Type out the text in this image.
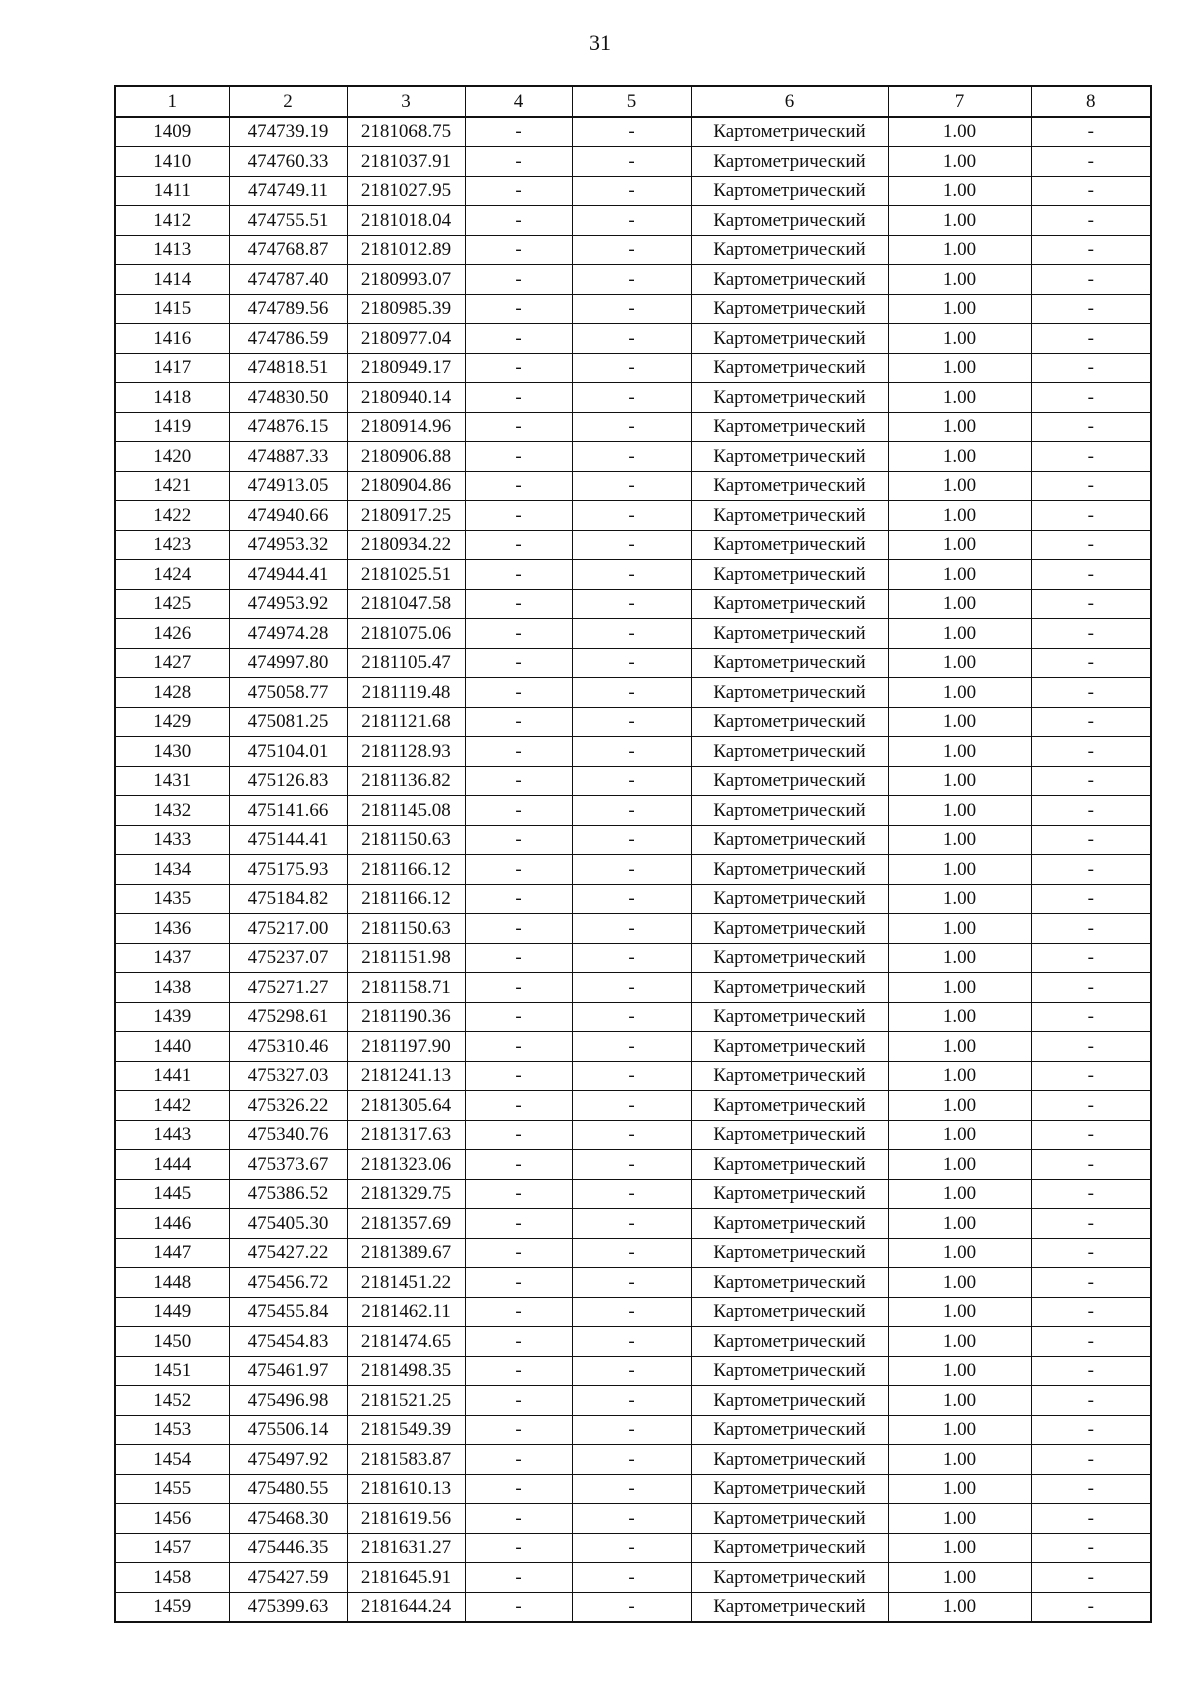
31
1	2	3	4	5	6	7	8
1409	474739.19	2181068.75	-	-	Картометрический	1.00	-
1410	474760.33	2181037.91	-	-	Картометрический	1.00	-
1411	474749.11	2181027.95	-	-	Картометрический	1.00	-
1412	474755.51	2181018.04	-	-	Картометрический	1.00	-
1413	474768.87	2181012.89	-	-	Картометрический	1.00	-
1414	474787.40	2180993.07	-	-	Картометрический	1.00	-
1415	474789.56	2180985.39	-	-	Картометрический	1.00	-
1416	474786.59	2180977.04	-	-	Картометрический	1.00	-
1417	474818.51	2180949.17	-	-	Картометрический	1.00	-
1418	474830.50	2180940.14	-	-	Картометрический	1.00	-
1419	474876.15	2180914.96	-	-	Картометрический	1.00	-
1420	474887.33	2180906.88	-	-	Картометрический	1.00	-
1421	474913.05	2180904.86	-	-	Картометрический	1.00	-
1422	474940.66	2180917.25	-	-	Картометрический	1.00	-
1423	474953.32	2180934.22	-	-	Картометрический	1.00	-
1424	474944.41	2181025.51	-	-	Картометрический	1.00	-
1425	474953.92	2181047.58	-	-	Картометрический	1.00	-
1426	474974.28	2181075.06	-	-	Картометрический	1.00	-
1427	474997.80	2181105.47	-	-	Картометрический	1.00	-
1428	475058.77	2181119.48	-	-	Картометрический	1.00	-
1429	475081.25	2181121.68	-	-	Картометрический	1.00	-
1430	475104.01	2181128.93	-	-	Картометрический	1.00	-
1431	475126.83	2181136.82	-	-	Картометрический	1.00	-
1432	475141.66	2181145.08	-	-	Картометрический	1.00	-
1433	475144.41	2181150.63	-	-	Картометрический	1.00	-
1434	475175.93	2181166.12	-	-	Картометрический	1.00	-
1435	475184.82	2181166.12	-	-	Картометрический	1.00	-
1436	475217.00	2181150.63	-	-	Картометрический	1.00	-
1437	475237.07	2181151.98	-	-	Картометрический	1.00	-
1438	475271.27	2181158.71	-	-	Картометрический	1.00	-
1439	475298.61	2181190.36	-	-	Картометрический	1.00	-
1440	475310.46	2181197.90	-	-	Картометрический	1.00	-
1441	475327.03	2181241.13	-	-	Картометрический	1.00	-
1442	475326.22	2181305.64	-	-	Картометрический	1.00	-
1443	475340.76	2181317.63	-	-	Картометрический	1.00	-
1444	475373.67	2181323.06	-	-	Картометрический	1.00	-
1445	475386.52	2181329.75	-	-	Картометрический	1.00	-
1446	475405.30	2181357.69	-	-	Картометрический	1.00	-
1447	475427.22	2181389.67	-	-	Картометрический	1.00	-
1448	475456.72	2181451.22	-	-	Картометрический	1.00	-
1449	475455.84	2181462.11	-	-	Картометрический	1.00	-
1450	475454.83	2181474.65	-	-	Картометрический	1.00	-
1451	475461.97	2181498.35	-	-	Картометрический	1.00	-
1452	475496.98	2181521.25	-	-	Картометрический	1.00	-
1453	475506.14	2181549.39	-	-	Картометрический	1.00	-
1454	475497.92	2181583.87	-	-	Картометрический	1.00	-
1455	475480.55	2181610.13	-	-	Картометрический	1.00	-
1456	475468.30	2181619.56	-	-	Картометрический	1.00	-
1457	475446.35	2181631.27	-	-	Картометрический	1.00	-
1458	475427.59	2181645.91	-	-	Картометрический	1.00	-
1459	475399.63	2181644.24	-	-	Картометрический	1.00	-
